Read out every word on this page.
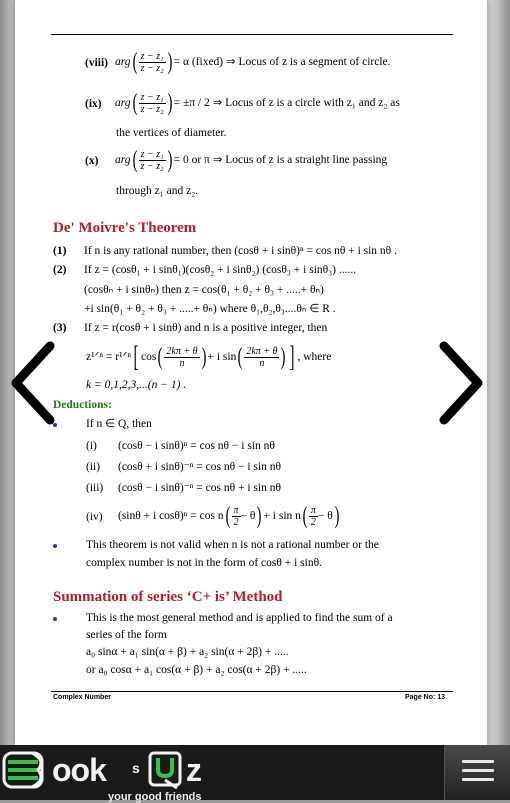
(viii) $arg( \frac{\text{z − z₁}}{\text{z − z₂}}$ ) = α (fixed) ⇒ Locus of z is a segment of circle.
(ix) $arg( \frac{\text{z − z₁}}{\text{z − z₂}}$ ) = ±π / 2 ⇒ Locus of z is a circle with z₁ and z₂ as
the vertices of diameter.
(x) $arg( \frac{\text{z − z₁}}{\text{z − z₂}}$ ) = 0 or π ⇒ Locus of z is a straight line passing
through z₁ and z₂.
De' Moivre's Theorem
(1) If n is any rational number, then (cosθ + i sinθ)ⁿ = cos nθ + i sin nθ .
(2) If z = (cosθ₁ + i sinθ₁)(cosθ₂ + i sinθ₂) (cosθ₃ + i sinθ₃) ......
(cosθₙ + i sinθₙ) then z = cos(θ₁ + θ₂ + θ₃ + .....+ θₙ)
+i sin(θ₁ + θ₂ + θ₃ + .....+ θₙ) where θ₁,θ₂,θ₃....θₙ ∈ R .
(3) If z = r(cosθ + i sinθ) and n is a positive integer, then
z¹ᐟⁿ = r¹ᐟⁿ[ $\cos( \frac{2k\pi + \theta}{n}$ ) + i $\sin( \frac{2k\pi + \theta}{n}$ ) ] , where
k = 0,1,2,3,...(n − 1) .
Deductions:
If n ∈ Q, then
(i) (cosθ − i sinθ)ⁿ = cos nθ − i sin nθ
(ii) (cosθ + i sinθ)⁻ⁿ = cos nθ − i sin nθ
(iii) (cosθ − i sinθ)⁻ⁿ = cos nθ + i sin nθ
(iv) (sinθ + i $\cos\theta)^n = \cos n( \frac{\pi}{2} - \theta) + i$ $\sin n( \frac{\pi}{2} - \theta)$
This theorem is not valid when n is not a rational number or the
complex number is not in the form of cosθ + i sinθ.
Summation of series ‘C+ is’ Method
This is the most general method and is applied to find the sum of a
series of the form
a₀ sinα + a₁ sin(α + β) + a₂ sin(α + 2β) + .....
or a₀ cosα + a₁ cos(α + β) + a₂ cos(α + 2β) + .....
Complex Number	Page No: 13
ook s z
your good friends
